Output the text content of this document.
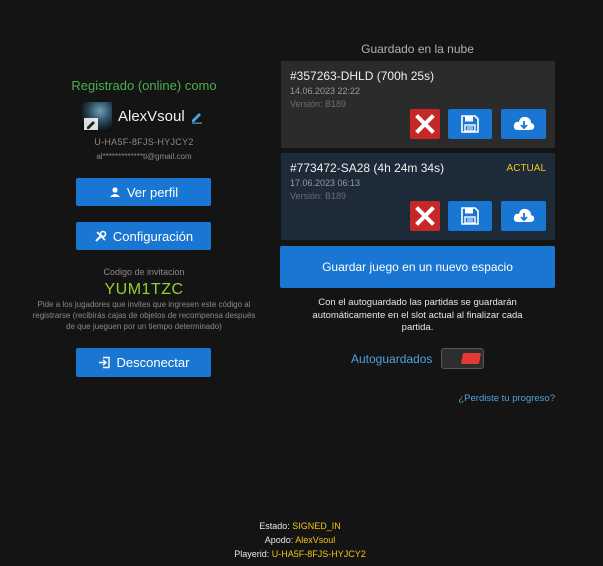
Registrado (online) como
AlexVsoul
U-HA5F-8FJS-HYJCY2
al*************ti@gmail.com
Ver perfil
Configuración
Codigo de invitacion
YUM1TZC
Pide a los jugadores que invites que ingresen este código al registrarse (recibirás cajas de objetos de recompensa después de que jueguen por un tiempo determinado)
Desconectar
Guardado en la nube
#357263-DHLD (700h 25s)
14.06.2023 22:22
Versión: B189
#773472-SA28 (4h 24m 34s)	ACTUAL
17.06.2023 06:13
Versión: B189
Guardar juego en un nuevo espacio
Con el autoguardado las partidas se guardarán automáticamente en el slot actual al finalizar cada partida.
Autoguardados
¿Perdiste tu progreso?
Estado: SIGNED_IN
Apodo: AlexVsoul
Playerid: U-HA5F-8FJS-HYJCY2
